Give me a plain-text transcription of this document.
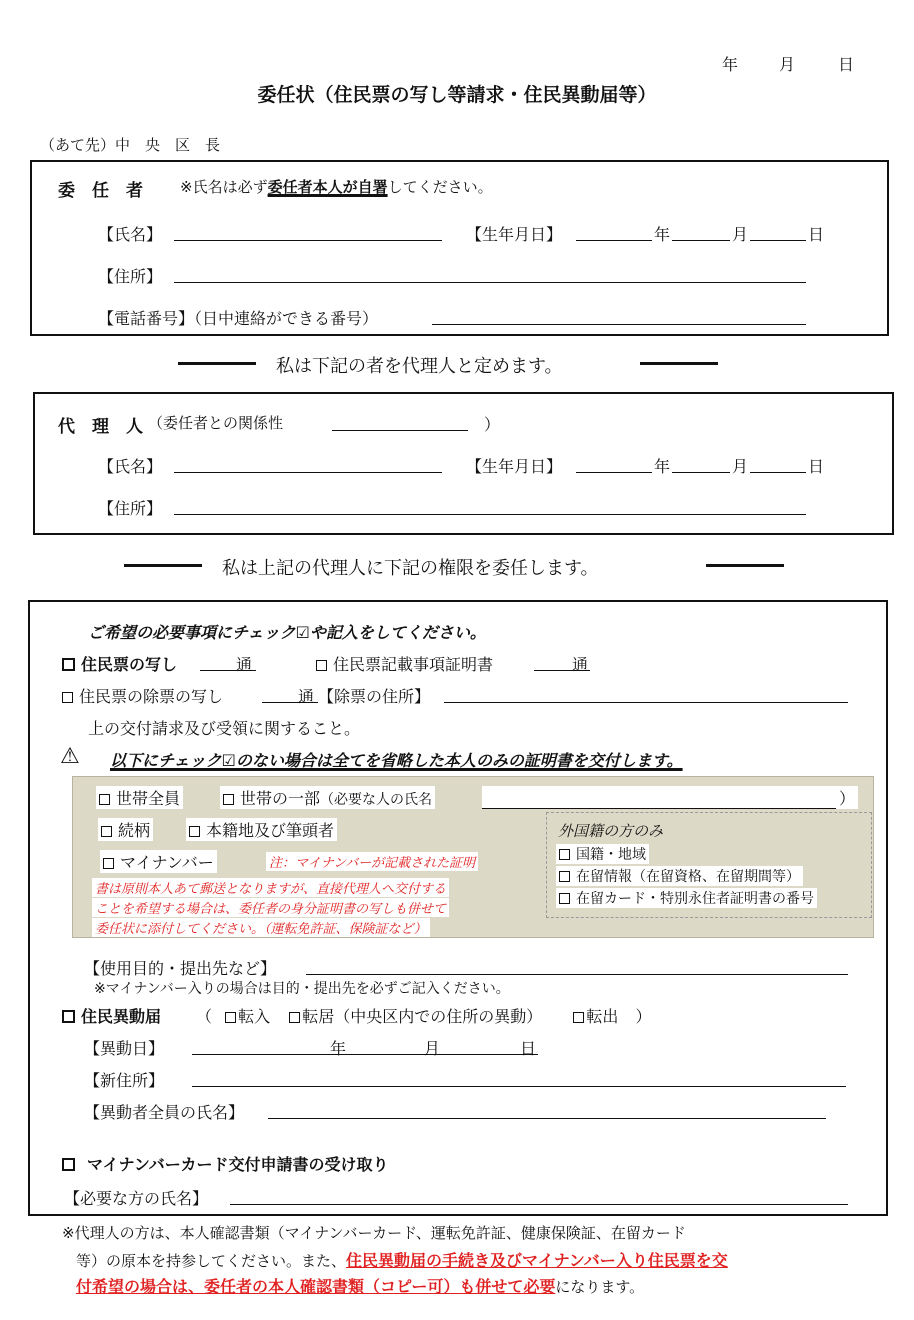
年	月	日
委任状（住民票の写し等請求・住民異動届等）
（あて先）中　央　区　長
委　任　者 ※氏名は必ず委任者本人が自署してください。
【氏名】	【生年月日】	年	月	日
【住所】
【電話番号】（日中連絡ができる番号）
私は下記の者を代理人と定めます。
代　理　人 （委任者との関係性	）
【氏名】	【生年月日】	年	月	日
【住所】
私は上記の代理人に下記の権限を委任します。
ご希望の必要事項にチェック☑や記入をしてください。
住民票の写し	通	住民票記載事項証明書	通
住民票の除票の写し	通 【除票の住所】
上の交付請求及び受領に関すること。
⚠ 以下にチェック☑のない場合は全てを省略した本人のみの証明書を交付します。
世帯全員	世帯の一部（必要な人の氏名	）
続柄	本籍地及び筆頭者
マイナンバー	注：マイナンバーが記載された証明
書は原則本人あて郵送となりますが、直接代理人へ交付する
ことを希望する場合は、委任者の身分証明書の写しも併せて
委任状に添付してください。（運転免許証、保険証など）
外国籍の方のみ
国籍・地域
在留情報（在留資格、在留期間等）
在留カード・特別永住者証明書の番号
【使用目的・提出先など】
※マイナンバー入りの場合は目的・提出先を必ずご記入ください。
住民異動届 （ 転入 転居（中央区内での住所の異動）	転出 ）
【異動日】	年	月	日
【新住所】
【異動者全員の氏名】
マイナンバーカード交付申請書の受け取り
【必要な方の氏名】
※代理人の方は、本人確認書類（マイナンバーカード、運転免許証、健康保険証、在留カード
等）の原本を持参してください。また、住民異動届の手続き及びマイナンバー入り住民票を交
付希望の場合は、委任者の本人確認書類（コピー可）も併せて必要になります。
